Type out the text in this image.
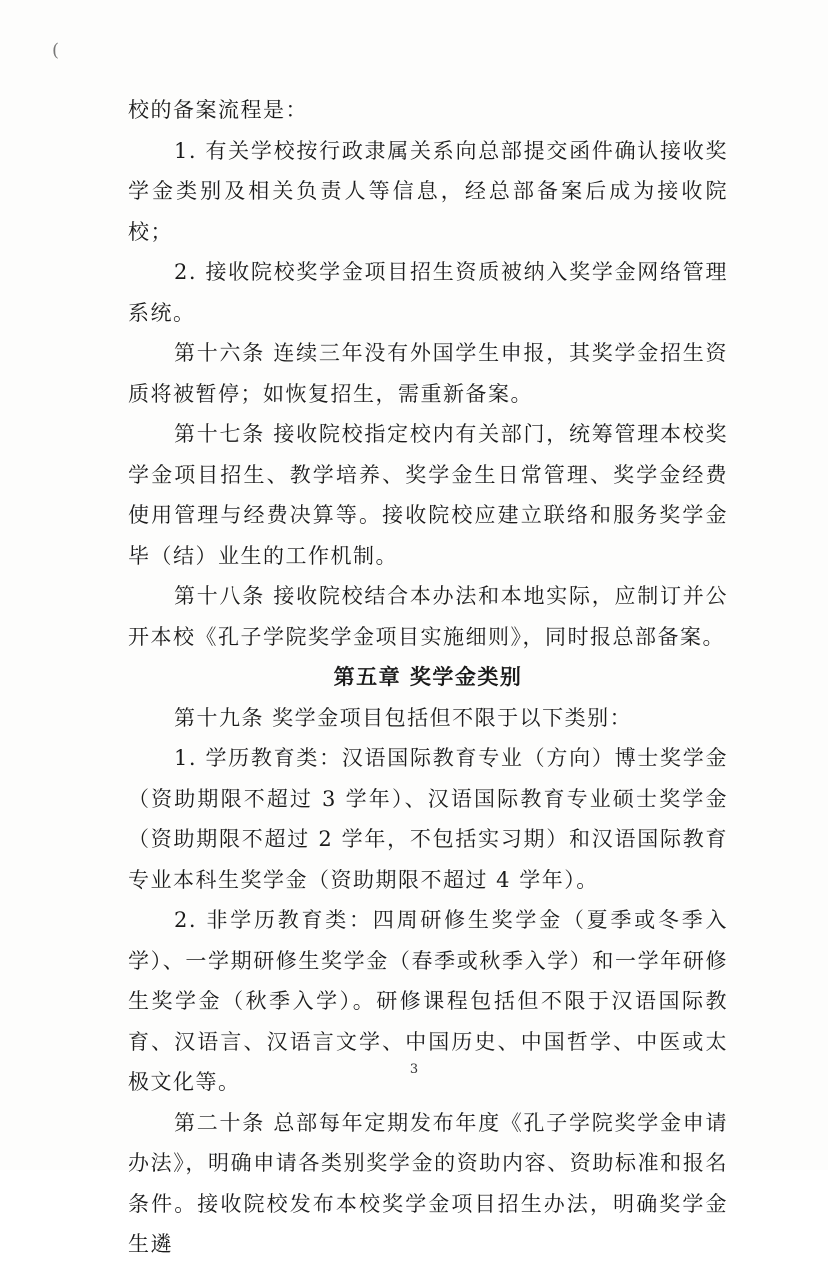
(

校的备案流程是：

1. 有关学校按行政隶属关系向总部提交函件确认接收奖学金类别及相关负责人等信息，经总部备案后成为接收院校；

2. 接收院校奖学金项目招生资质被纳入奖学金网络管理系统。

第十六条 连续三年没有外国学生申报，其奖学金招生资质将被暂停；如恢复招生，需重新备案。

第十七条 接收院校指定校内有关部门，统筹管理本校奖学金项目招生、教学培养、奖学金生日常管理、奖学金经费使用管理与经费决算等。接收院校应建立联络和服务奖学金毕（结）业生的工作机制。

第十八条 接收院校结合本办法和本地实际，应制订并公开本校《孔子学院奖学金项目实施细则》，同时报总部备案。

第五章 奖学金类别

第十九条 奖学金项目包括但不限于以下类别：

1. 学历教育类：汉语国际教育专业（方向）博士奖学金（资助期限不超过 3 学年）、汉语国际教育专业硕士奖学金（资助期限不超过 2 学年，不包括实习期）和汉语国际教育专业本科生奖学金（资助期限不超过 4 学年）。

2. 非学历教育类：四周研修生奖学金（夏季或冬季入学）、一学期研修生奖学金（春季或秋季入学）和一学年研修生奖学金（秋季入学）。研修课程包括但不限于汉语国际教育、汉语言、汉语言文学、中国历史、中国哲学、中医或太极文化等。

第二十条 总部每年定期发布年度《孔子学院奖学金申请办法》，明确申请各类别奖学金的资助内容、资助标准和报名条件。接收院校发布本校奖学金项目招生办法，明确奖学金生遴

3
